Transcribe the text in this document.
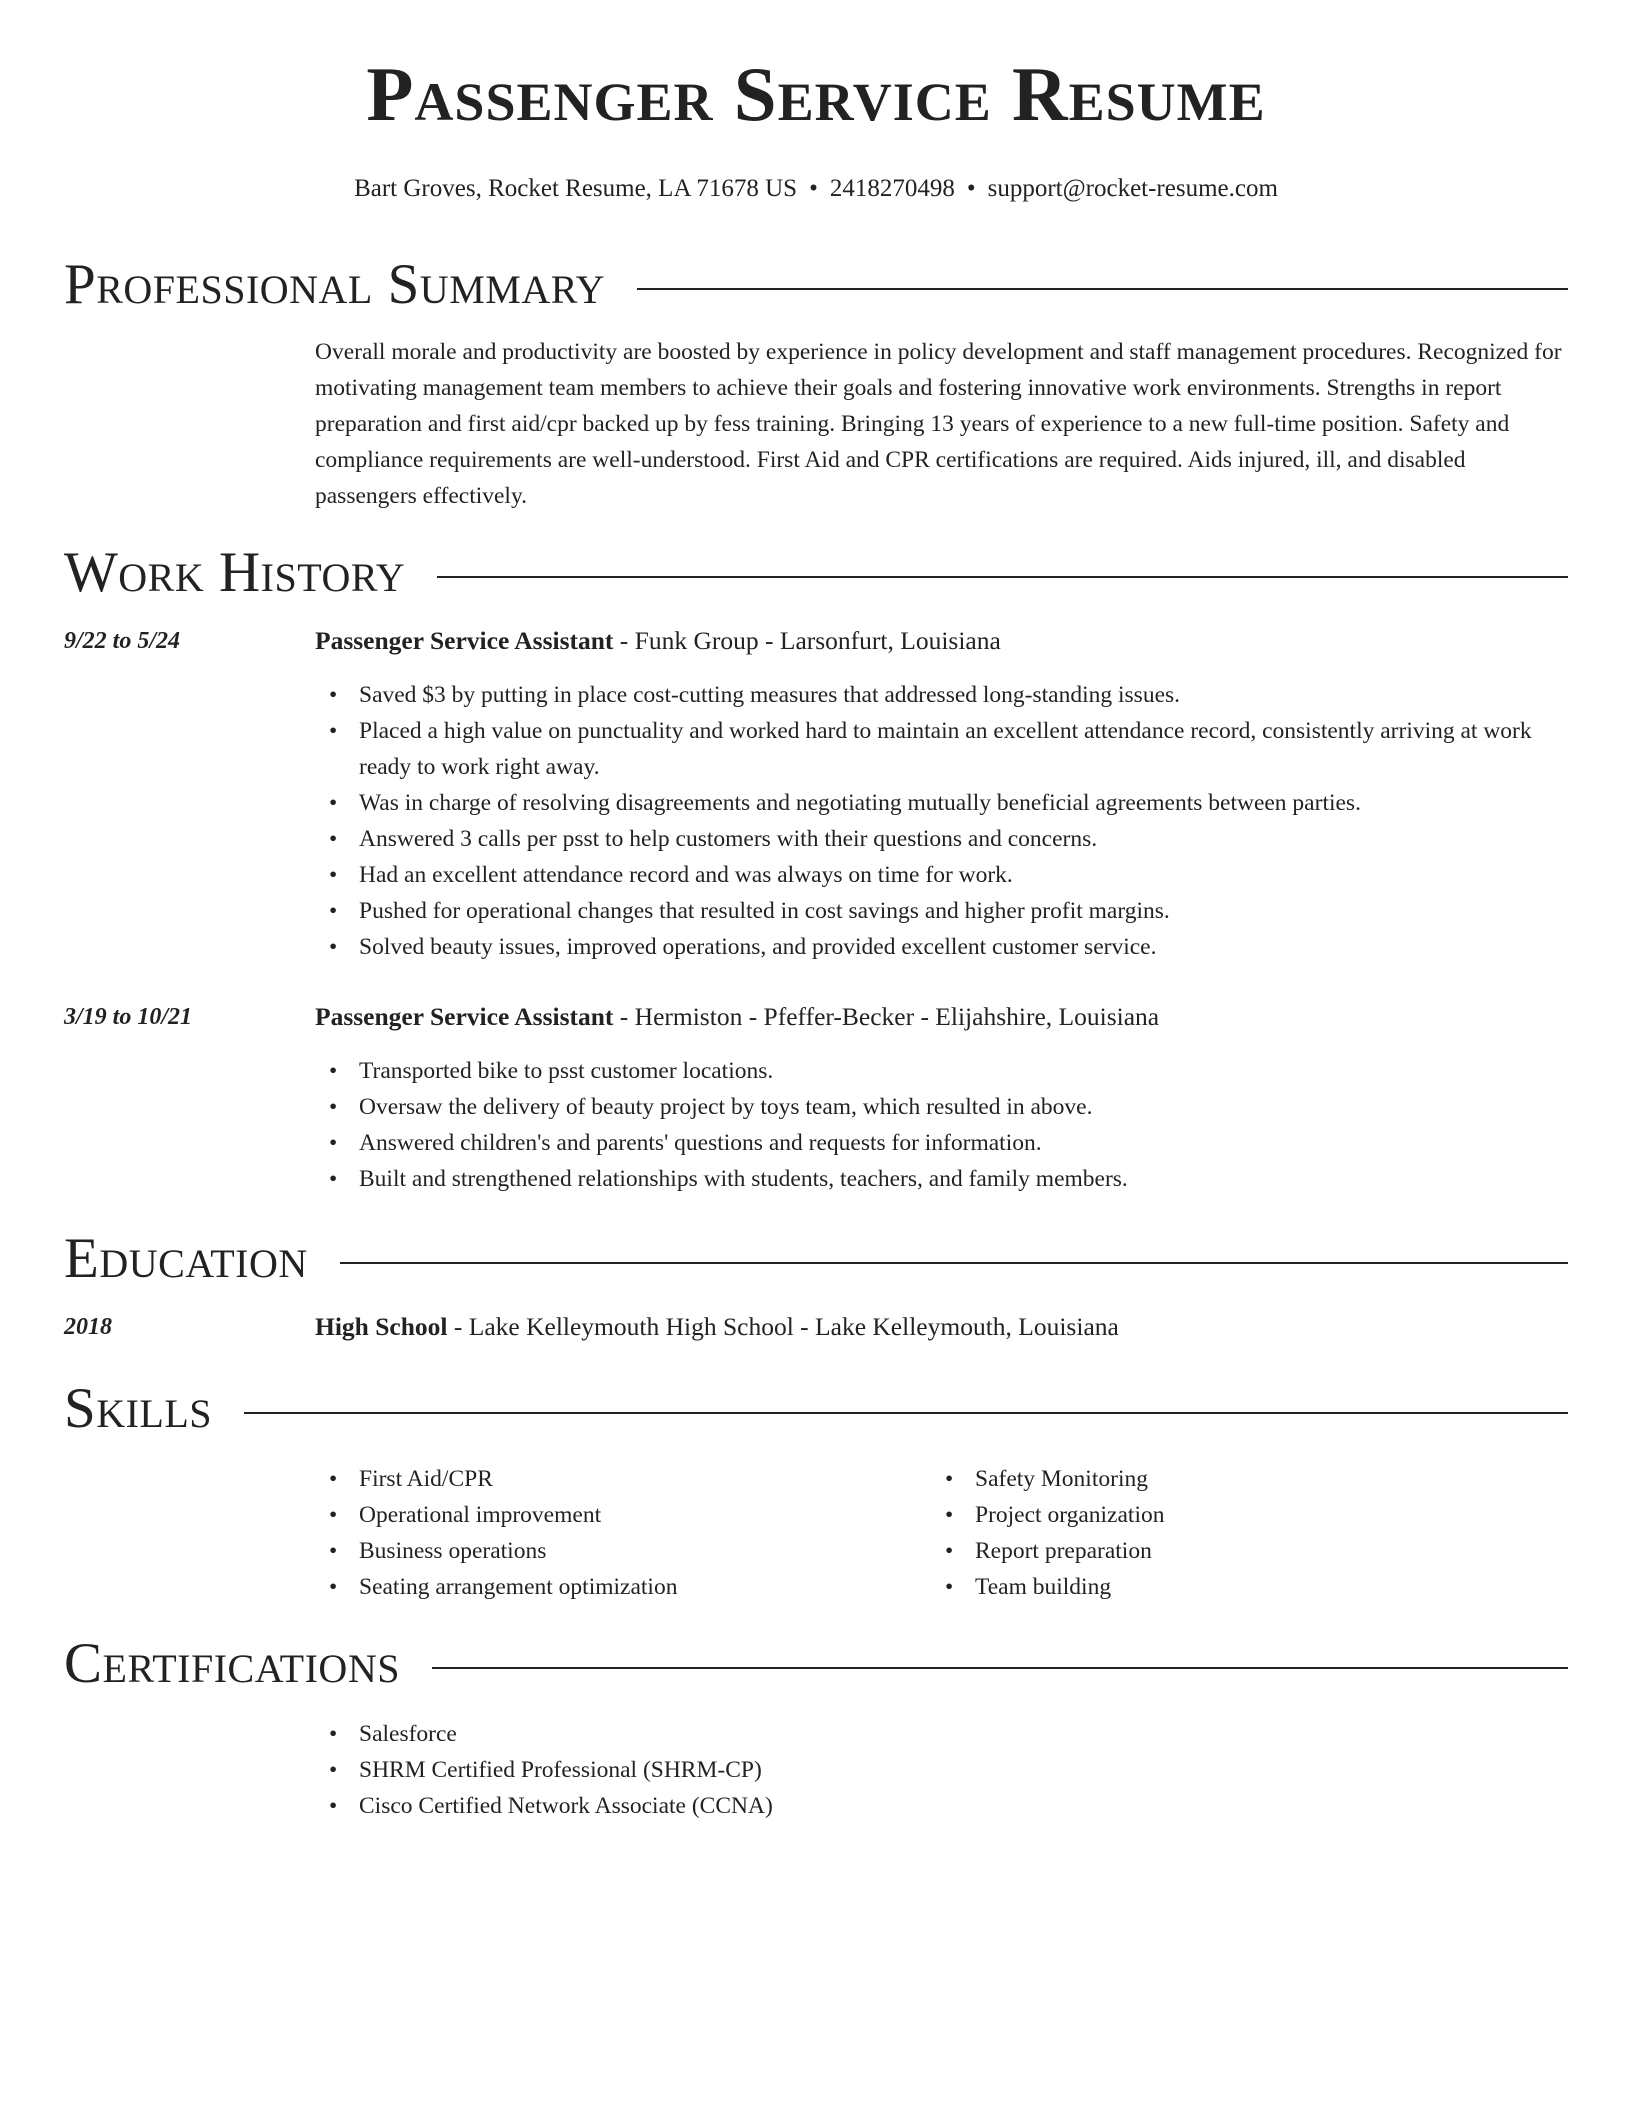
Passenger Service Resume
Bart Groves, Rocket Resume, LA 71678 US • 2418270498 • support@rocket-resume.com
Professional Summary

Overall morale and productivity are boosted by experience in policy development and staff management procedures. Recognized for motivating management team members to achieve their goals and fostering innovative work environments. Strengths in report preparation and first aid/cpr backed up by fess training. Bringing 13 years of experience to a new full-time position. Safety and compliance requirements are well-understood. First Aid and CPR certifications are required. Aids injured, ill, and disabled passengers effectively.

Work History
9/22 to 5/24	Passenger Service Assistant - Funk Group - Larsonfurt, Louisiana
• Saved $3 by putting in place cost-cutting measures that addressed long-standing issues.
• Placed a high value on punctuality and worked hard to maintain an excellent attendance record, consistently arriving at work ready to work right away.
• Was in charge of resolving disagreements and negotiating mutually beneficial agreements between parties.
• Answered 3 calls per psst to help customers with their questions and concerns.
• Had an excellent attendance record and was always on time for work.
• Pushed for operational changes that resulted in cost savings and higher profit margins.
• Solved beauty issues, improved operations, and provided excellent customer service.
3/19 to 10/21	Passenger Service Assistant - Hermiston - Pfeffer-Becker - Elijahshire, Louisiana
• Transported bike to psst customer locations.
• Oversaw the delivery of beauty project by toys team, which resulted in above.
• Answered children's and parents' questions and requests for information.
• Built and strengthened relationships with students, teachers, and family members.
Education
2018	High School - Lake Kelleymouth High School - Lake Kelleymouth, Louisiana
Skills
• First Aid/CPR
• Operational improvement
• Business operations
• Seating arrangement optimization
• Safety Monitoring
• Project organization
• Report preparation
• Team building
Certifications
• Salesforce
• SHRM Certified Professional (SHRM-CP)
• Cisco Certified Network Associate (CCNA)
